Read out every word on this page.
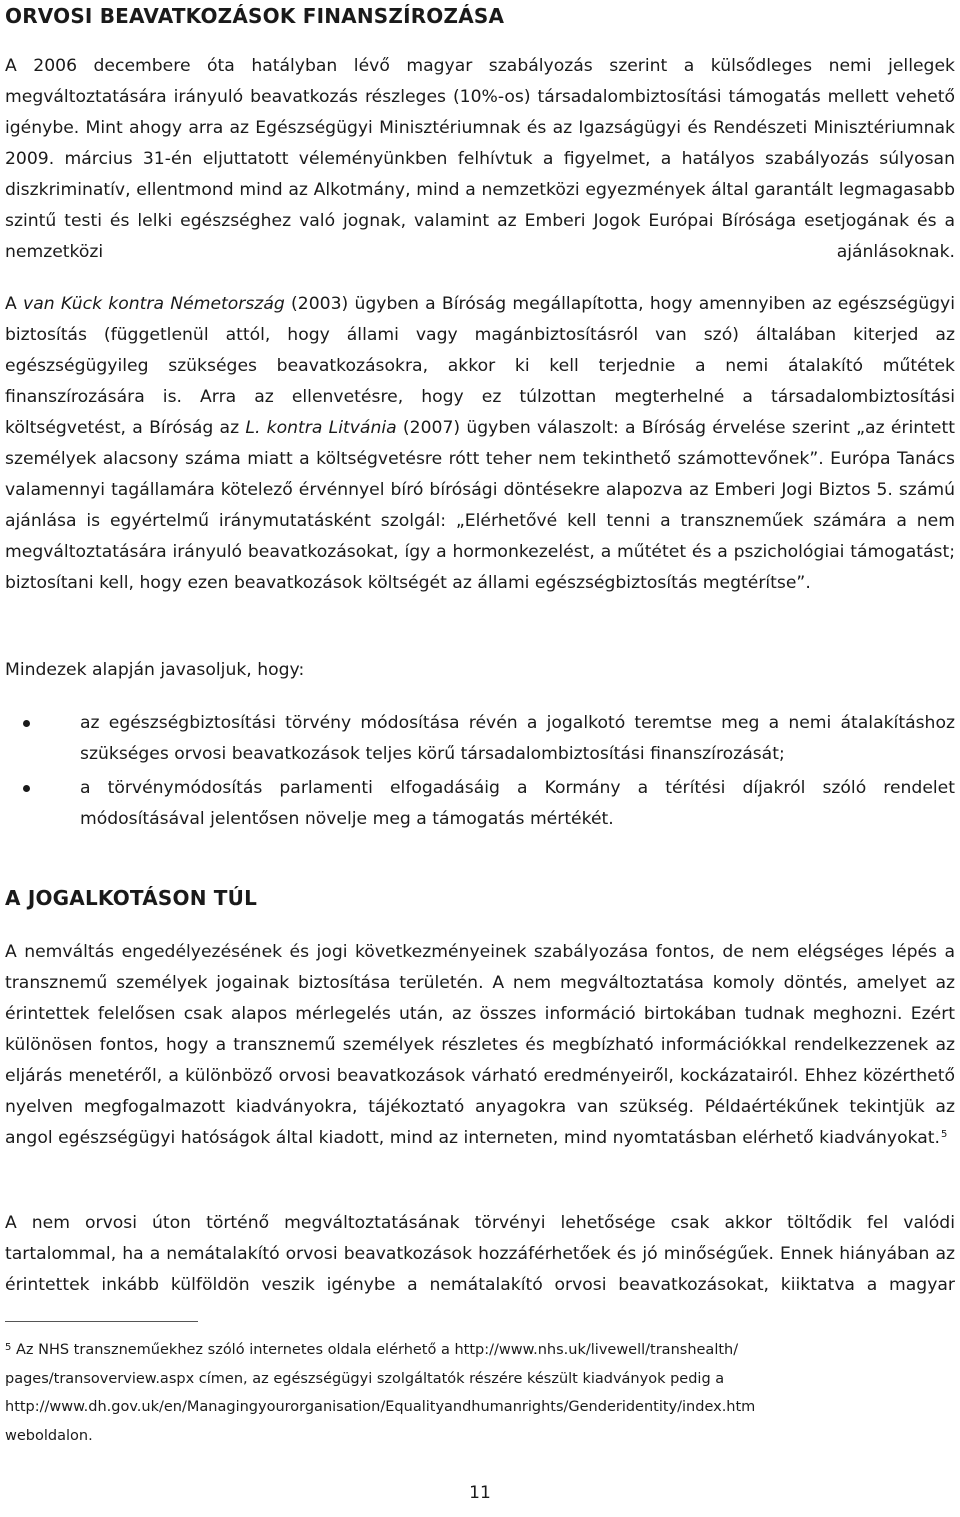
ORVOSI BEAVATKOZÁSOK FINANSZÍROZÁSA

A 2006 decembere óta hatályban lévő magyar szabályozás szerint a külsődleges nemi jellegek megváltoztatására irányuló beavatkozás részleges (10%-os) társadalombiztosítási támogatás mellett vehető igénybe. Mint ahogy arra az Egészségügyi Minisztériumnak és az Igazságügyi és Rendészeti Minisztériumnak 2009. március 31-én eljuttatott véleményünkben felhívtuk a figyelmet, a hatályos szabályozás súlyosan diszkriminatív, ellentmond mind az Alkotmány, mind a nemzetközi egyezmények által garantált legmagasabb szintű testi és lelki egészséghez való jognak, valamint az Emberi Jogok Európai Bírósága esetjogának és a nemzetközi ajánlásoknak.

A van Kück kontra Németország (2003) ügyben a Bíróság megállapította, hogy amennyiben az egészségügyi biztosítás (függetlenül attól, hogy állami vagy magánbiztosításról van szó) általában kiterjed az egészségügyileg szükséges beavatkozásokra, akkor ki kell terjednie a nemi átalakító műtétek finanszírozására is. Arra az ellenvetésre, hogy ez túlzottan megterhelné a társadalombiztosítási költségvetést, a Bíróság az L. kontra Litvánia (2007) ügyben válaszolt: a Bíróság érvelése szerint „az érintett személyek alacsony száma miatt a költségvetésre rótt teher nem tekinthető számottevőnek”. Európa Tanács valamennyi tagállamára kötelező érvénnyel bíró bírósági döntésekre alapozva az Emberi Jogi Biztos 5. számú ajánlása is egyértelmű iránymutatásként szolgál: „Elérhetővé kell tenni a transzneműek számára a nem megváltoztatására irányuló beavatkozásokat, így a hormonkezelést, a műtétet és a pszichológiai támogatást; biztosítani kell, hogy ezen beavatkozások költségét az állami egészségbiztosítás megtérítse”.

Mindezek alapján javasoljuk, hogy:

az egészségbiztosítási törvény módosítása révén a jogalkotó teremtse meg a nemi átalakításhoz szükséges orvosi beavatkozások teljes körű társadalombiztosítási finanszírozását;
a törvénymódosítás parlamenti elfogadásáig a Kormány a térítési díjakról szóló rendelet módosításával jelentősen növelje meg a támogatás mértékét.
A JOGALKOTÁSON TÚL

A nemváltás engedélyezésének és jogi következményeinek szabályozása fontos, de nem elégséges lépés a transznemű személyek jogainak biztosítása területén. A nem megváltoztatása komoly döntés, amelyet az érintettek felelősen csak alapos mérlegelés után, az összes információ birtokában tudnak meghozni. Ezért különösen fontos, hogy a transznemű személyek részletes és megbízható információkkal rendelkezzenek az eljárás menetéről, a különböző orvosi beavatkozások várható eredményeiről, kockázatairól. Ehhez közérthető nyelven megfogalmazott kiadványokra, tájékoztató anyagokra van szükség. Példaértékűnek tekintjük az angol egészségügyi hatóságok által kiadott, mind az interneten, mind nyomtatásban elérhető kiadványokat.$^5$

A nem orvosi úton történő megváltoztatásának törvényi lehetősége csak akkor töltődik fel valódi tartalommal, ha a nemátalakító orvosi beavatkozások hozzáférhetőek és jó minőségűek. Ennek hiányában az érintettek inkább külföldön veszik igénybe a nemátalakító orvosi beavatkozásokat, kiiktatva a magyar

$^5$ Az NHS transzneműekhez szóló internetes oldala elérhető a http://www.nhs.uk/livewell/transhealth/
pages/transoverview.aspx címen, az egészségügyi szolgáltatók részére készült kiadványok pedig a
http://www.dh.gov.uk/en/Managingyourorganisation/Equalityandhumanrights/Genderidentity/index.htm
weboldalon.
11
